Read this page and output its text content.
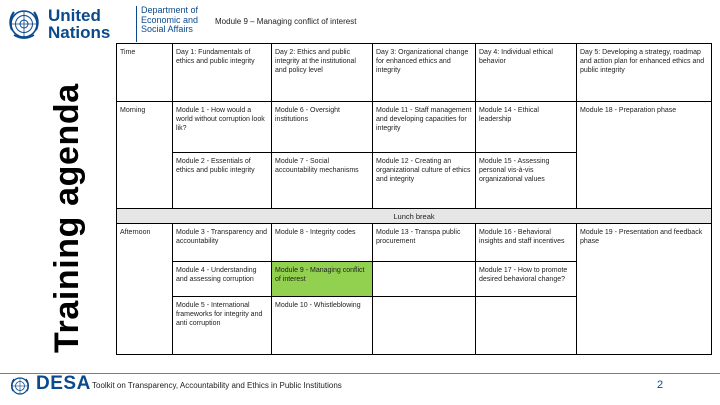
United
Nations
Department of
Economic and
Social Affairs
Module 9 – Managing conflict of interest
Training agenda
Time	Day 1: Fundamentals of ethics and public integrity	Day 2: Ethics and public integrity at the institutional and policy level	Day 3: Organizational change for enhanced ethics and integrity	Day 4: Individual ethical behavior	Day 5: Developing a strategy, roadmap and action plan for enhanced ethics and public integrity
Morning	Module 1 - How would a world without corruption look lik?	Module 6 - Oversight institutions	Module 11 - Staff management and developing capacities for integrity	Module 14 - Ethical leadership	Module 18 - Preparation phase
	Module 2 - Essentials of ethics and public integrity	Module 7 - Social accountability mechanisms	Module 12 - Creating an organizational culture of ethics and integrity	Module 15 - Assessing personal vis-à-vis organizational values	
Lunch break					
Afternoon	Module 3 - Transparency and accountability	Module 8 - Integrity codes	Module 13 - Transpa public procurement	Module 16 - Behavioral insights and staff incentives	Module 19 - Presentation and feedback phase
	Module 4 - Understanding and assessing corruption	Module 9 - Managing conflict of interest		Module 17 - How to promote desired behavioral change?	
	Module 5 - International frameworks for integrity and anti corruption	Module 10 - Whistleblowing			
DESA Toolkit on Transparency, Accountability and Ethics in Public Institutions	2
